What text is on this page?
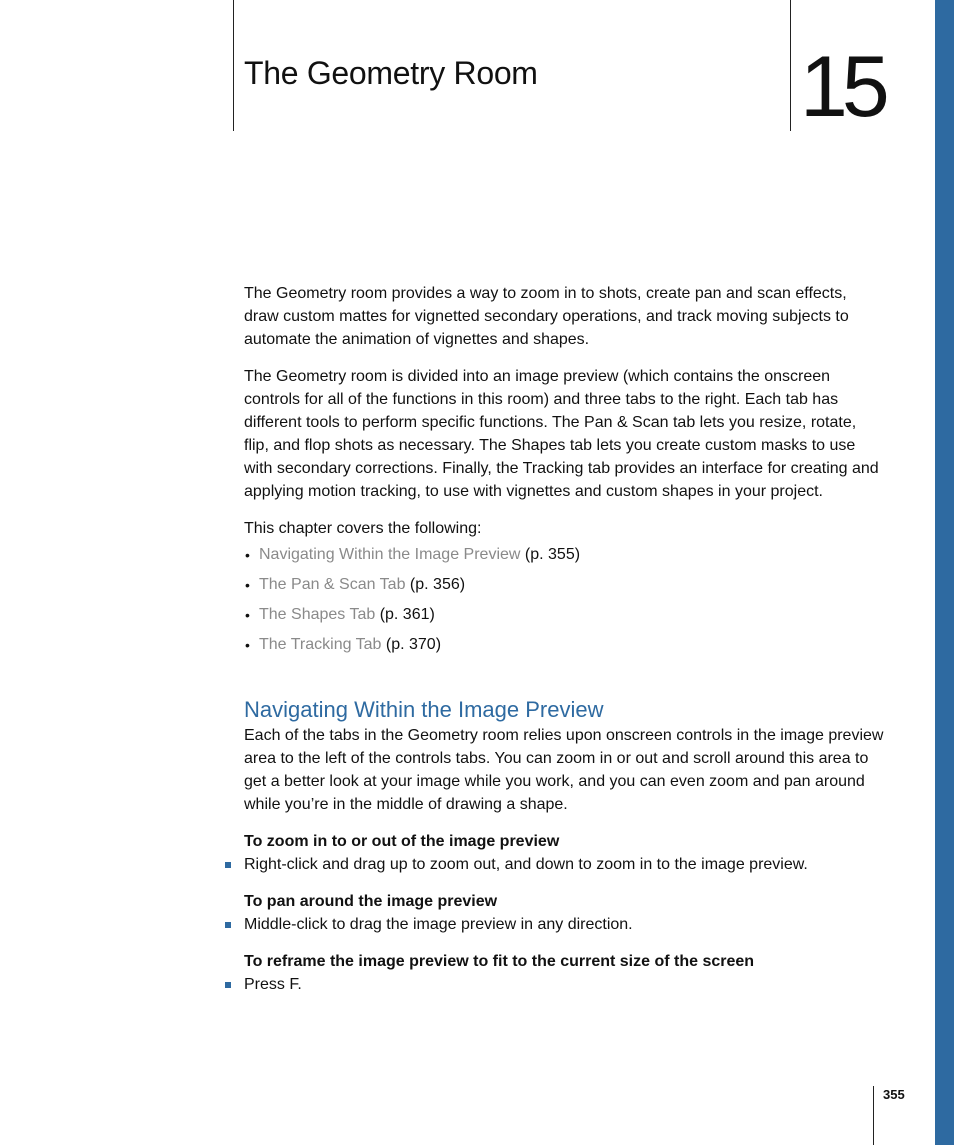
The Geometry Room	15

The Geometry room provides a way to zoom in to shots, create pan and scan effects, draw custom mattes for vignetted secondary operations, and track moving subjects to automate the animation of vignettes and shapes.

The Geometry room is divided into an image preview (which contains the onscreen controls for all of the functions in this room) and three tabs to the right. Each tab has different tools to perform specific functions. The Pan & Scan tab lets you resize, rotate, flip, and flop shots as necessary. The Shapes tab lets you create custom masks to use with secondary corrections. Finally, the Tracking tab provides an interface for creating and applying motion tracking, to use with vignettes and custom shapes in your project.

This chapter covers the following:

• Navigating Within the Image Preview (p. 355)
• The Pan & Scan Tab (p. 356)
• The Shapes Tab (p. 361)
• The Tracking Tab (p. 370)
Navigating Within the Image Preview

Each of the tabs in the Geometry room relies upon onscreen controls in the image preview area to the left of the controls tabs. You can zoom in or out and scroll around this area to get a better look at your image while you work, and you can even zoom and pan around while you’re in the middle of drawing a shape.

To zoom in to or out of the image preview
Right-click and drag up to zoom out, and down to zoom in to the image preview.
To pan around the image preview
Middle-click to drag the image preview in any direction.
To reframe the image preview to fit to the current size of the screen
Press F.
355
